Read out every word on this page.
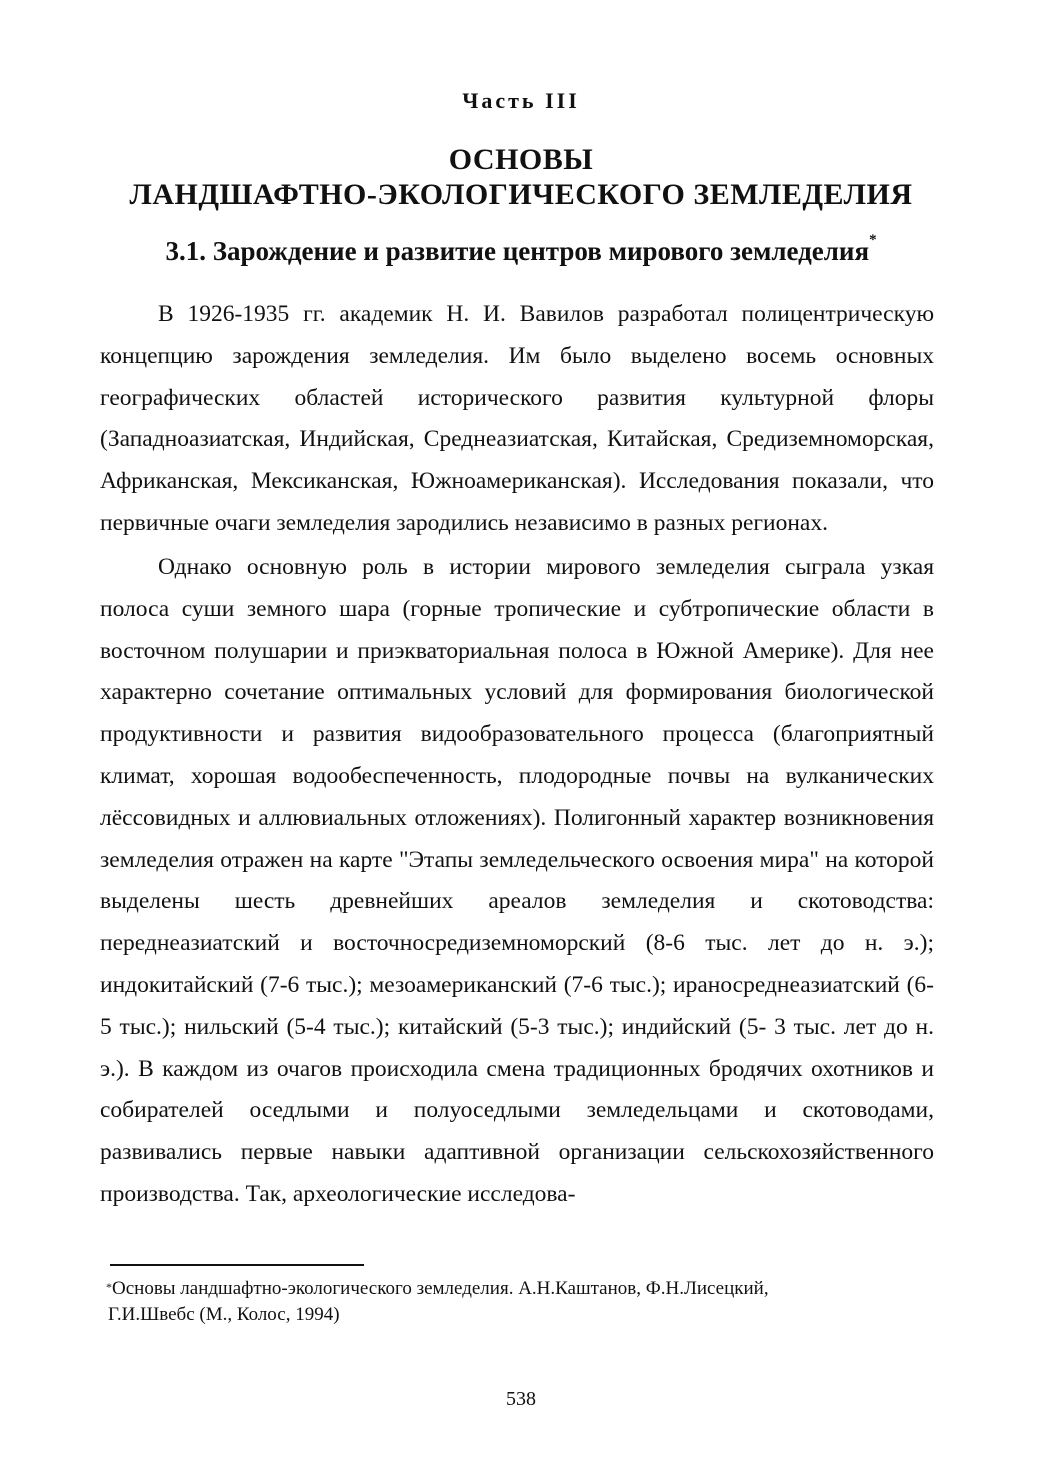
Часть III
ОСНОВЫ
ЛАНДШАФТНО-ЭКОЛОГИЧЕСКОГО ЗЕМЛЕДЕЛИЯ
3.1. Зарождение и развитие центров мирового земледелия*

В 1926-1935 гг. академик Н. И. Вавилов разработал полицентрическую концепцию зарождения земледелия. Им было выделено восемь основных географических областей исторического развития культурной флоры (Западноазиатская, Индийская, Среднеазиатская, Китайская, Средиземноморская, Африканская, Мексиканская, Южноамериканская). Исследования показали, что первичные очаги земледелия зародились независимо в разных регионах.

Однако основную роль в истории мирового земледелия сыграла узкая полоса суши земного шара (горные тропические и субтропические области в восточном полушарии и приэкваториальная полоса в Южной Америке). Для нее характерно сочетание оптимальных условий для формирования биологической продуктивности и развития видообразовательного процесса (благоприятный климат, хорошая водообеспеченность, плодородные почвы на вулканических лёссовидных и аллювиальных отложениях). Полигонный характер возникновения земледелия отражен на карте "Этапы земледельческого освоения мира" на которой выделены шесть древнейших ареалов земледелия и скотоводства: переднеазиатский и восточносредиземноморский (8-6 тыс. лет до н. э.); индокитайский (7-6 тыс.); мезоамериканский (7-6 тыс.); ираносреднеазиатский (6-5 тыс.); нильский (5-4 тыс.); китайский (5-3 тыс.); индийский (5- 3 тыс. лет до н. э.). В каждом из очагов происходила смена традиционных бродячих охотников и собирателей оседлыми и полуоседлыми земледельцами и скотоводами, развивались первые навыки адаптивной организации сельскохозяйственного производства. Так, археологические исследова-

*Основы ландшафтно-экологического земледелия. А.Н.Каштанов, Ф.Н.Лисецкий,
Г.И.Швебс (М., Колос, 1994)
538
